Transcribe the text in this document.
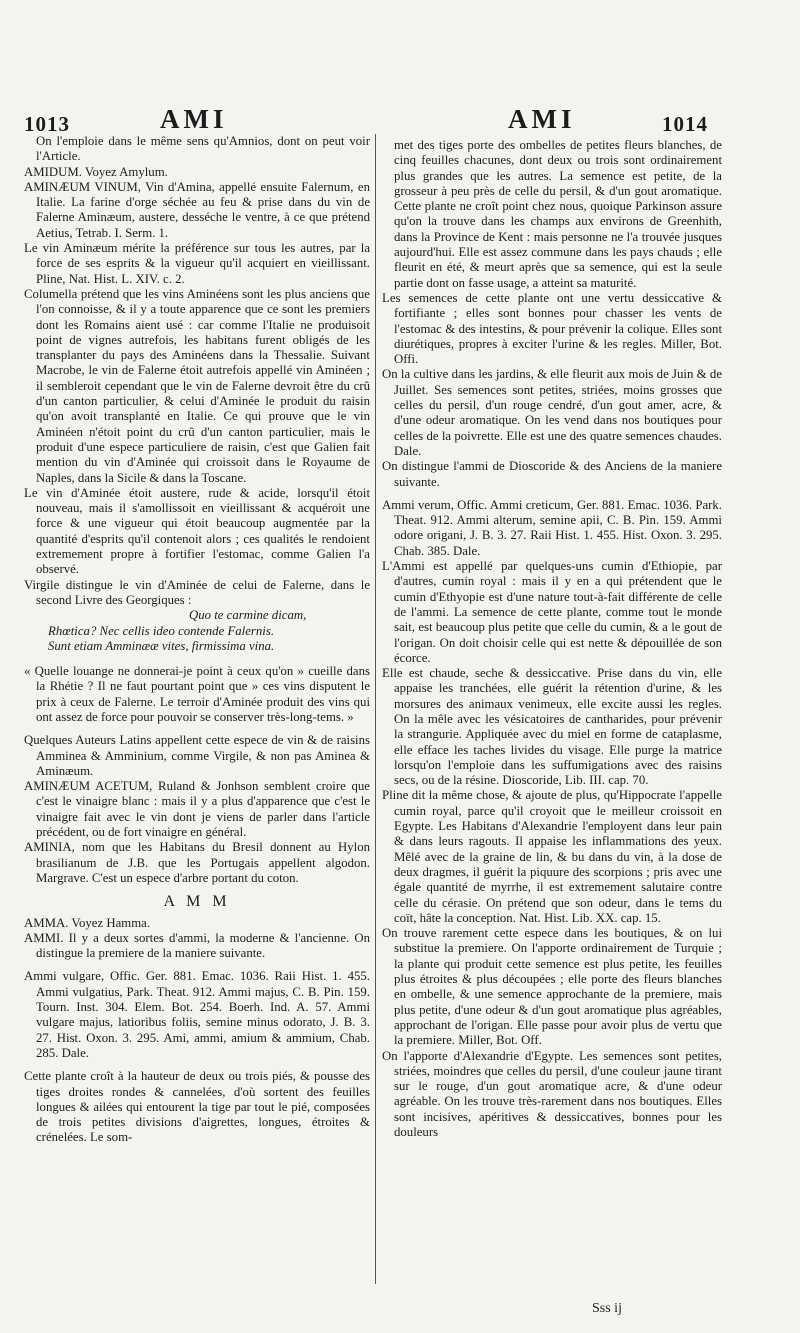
1013	AMI	AMI	1014

On l'emploie dans le même sens qu'Amnios, dont on peut voir l'Article.

AMIDUM. Voyez Amylum.

AMINÆUM VINUM, Vin d'Amina, appellé ensuite Falernum, en Italie. La farine d'orge séchée au feu & prise dans du vin de Falerne Aminæum, austere, desséche le ventre, à ce que prétend Aetius, Tetrab. I. Serm. 1.

Le vin Aminæum mérite la préférence sur tous les autres, par la force de ses esprits & la vigueur qu'il acquiert en vieillissant. Pline, Nat. Hist. L. XIV. c. 2.

Columella prétend que les vins Aminéens sont les plus anciens que l'on connoisse, & il y a toute apparence que ce sont les premiers dont les Romains aient usé : car comme l'Italie ne produisoit point de vignes autrefois, les habitans furent obligés de les transplanter du pays des Aminéens dans la Thessalie. Suivant Macrobe, le vin de Falerne étoit autrefois appellé vin Aminéen ; il sembleroit cependant que le vin de Falerne devroit être du crû d'un canton particulier, & celui d'Aminée le produit du raisin qu'on avoit transplanté en Italie. Ce qui prouve que le vin Aminéen n'étoit point du crû d'un canton particulier, mais le produit d'une espece particuliere de raisin, c'est que Galien fait mention du vin d'Aminée qui croissoit dans le Royaume de Naples, dans la Sicile & dans la Toscane.

Le vin d'Aminée étoit austere, rude & acide, lorsqu'il étoit nouveau, mais il s'amollissoit en vieillissant & acquéroit une force & une vigueur qui étoit beaucoup augmentée par la quantité d'esprits qu'il contenoit alors ; ces qualités le rendoient extremement propre à fortifier l'estomac, comme Galien l'a observé.

Virgile distingue le vin d'Aminée de celui de Falerne, dans le second Livre des Georgiques :

Quo te carmine dicam,

Rhœtica? Nec cellis ideo contende Falernis.

Sunt etiam Amminææ vites, firmissima vina.

« Quelle louange ne donnerai-je point à ceux qu'on » cueille dans la Rhétie ? Il ne faut pourtant point que » ces vins disputent le prix à ceux de Falerne. Le terroir d'Aminée produit des vins qui ont assez de force pour pouvoir se conserver très-long-tems. »

Quelques Auteurs Latins appellent cette espece de vin & de raisins Amminea & Amminium, comme Virgile, & non pas Aminea & Aminæum.

AMINÆUM ACETUM, Ruland & Jonhson semblent croire que c'est le vinaigre blanc : mais il y a plus d'apparence que c'est le vinaigre fait avec le vin dont je viens de parler dans l'article précédent, ou de fort vinaigre en général.

AMINIA, nom que les Habitans du Bresil donnent au Hylon brasilianum de J.B. que les Portugais appellent algodon. Margrave. C'est un espece d'arbre portant du coton.

A M M

AMMA. Voyez Hamma.

AMMI. Il y a deux sortes d'ammi, la moderne & l'ancienne. On distingue la premiere de la maniere suivante.

Ammi vulgare, Offic. Ger. 881. Emac. 1036. Raii Hist. 1. 455. Ammi vulgatius, Park. Theat. 912. Ammi majus, C. B. Pin. 159. Tourn. Inst. 304. Elem. Bot. 254. Boerh. Ind. A. 57. Ammi vulgare majus, latioribus foliis, semine minus odorato, J. B. 3. 27. Hist. Oxon. 3. 295. Ami, ammi, amium & ammium, Chab. 285. Dale.

Cette plante croît à la hauteur de deux ou trois piés, & pousse des tiges droites rondes & cannelées, d'où sortent des feuilles longues & ailées qui entourent la tige par tout le pié, composées de trois petites divisions d'aigrettes, longues, étroites & crénelées. Le som-

met des tiges porte des ombelles de petites fleurs blanches, de cinq feuilles chacunes, dont deux ou trois sont ordinairement plus grandes que les autres. La semence est petite, de la grosseur à peu près de celle du persil, & d'un gout aromatique. Cette plante ne croît point chez nous, quoique Parkinson assure qu'on la trouve dans les champs aux environs de Greenhith, dans la Province de Kent : mais personne ne l'a trouvée jusques aujourd'hui. Elle est assez commune dans les pays chauds ; elle fleurit en été, & meurt après que sa semence, qui est la seule partie dont on fasse usage, a atteint sa maturité.

Les semences de cette plante ont une vertu dessiccative & fortifiante ; elles sont bonnes pour chasser les vents de l'estomac & des intestins, & pour prévenir la colique. Elles sont diurétiques, propres à exciter l'urine & les regles. Miller, Bot. Offi.

On la cultive dans les jardins, & elle fleurit aux mois de Juin & de Juillet. Ses semences sont petites, striées, moins grosses que celles du persil, d'un rouge cendré, d'un gout amer, acre, & d'une odeur aromatique. On les vend dans nos boutiques pour celles de la poivrette. Elle est une des quatre semences chaudes. Dale.

On distingue l'ammi de Dioscoride & des Anciens de la maniere suivante.

Ammi verum, Offic. Ammi creticum, Ger. 881. Emac. 1036. Park. Theat. 912. Ammi alterum, semine apii, C. B. Pin. 159. Ammi odore origani, J. B. 3. 27. Raii Hist. 1. 455. Hist. Oxon. 3. 295. Chab. 385. Dale.

L'Ammi est appellé par quelques-uns cumin d'Ethiopie, par d'autres, cumin royal : mais il y en a qui prétendent que le cumin d'Ethyopie est d'une nature tout-à-fait différente de celle de l'ammi. La semence de cette plante, comme tout le monde sait, est beaucoup plus petite que celle du cumin, & a le gout de l'origan. On doit choisir celle qui est nette & dépouillée de son écorce.

Elle est chaude, seche & dessiccative. Prise dans du vin, elle appaise les tranchées, elle guérit la rétention d'urine, & les morsures des animaux venimeux, elle excite aussi les regles. On la mêle avec les vésicatoires de cantharides, pour prévenir la strangurie. Appliquée avec du miel en forme de cataplasme, elle efface les taches livides du visage. Elle purge la matrice lorsqu'on l'emploie dans les suffumigations avec des raisins secs, ou de la résine. Dioscoride, Lib. III. cap. 70.

Pline dit la même chose, & ajoute de plus, qu'Hippocrate l'appelle cumin royal, parce qu'il croyoit que le meilleur croissoit en Egypte. Les Habitans d'Alexandrie l'employent dans leur pain & dans leurs ragouts. Il appaise les inflammations des yeux. Mêlé avec de la graine de lin, & bu dans du vin, à la dose de deux dragmes, il guérit la piquure des scorpions ; pris avec une égale quantité de myrrhe, il est extremement salutaire contre celle du cérasie. On prétend que son odeur, dans le tems du coït, hâte la conception. Nat. Hist. Lib. XX. cap. 15.

On trouve rarement cette espece dans les boutiques, & on lui substitue la premiere. On l'apporte ordinairement de Turquie ; la plante qui produit cette semence est plus petite, les feuilles plus étroites & plus découpées ; elle porte des fleurs blanches en ombelle, & une semence approchante de la premiere, mais plus petite, d'une odeur & d'un gout aromatique plus agréables, approchant de l'origan. Elle passe pour avoir plus de vertu que la premiere. Miller, Bot. Off.

On l'apporte d'Alexandrie d'Egypte. Les semences sont petites, striées, moindres que celles du persil, d'une couleur jaune tirant sur le rouge, d'un gout aromatique acre, & d'une odeur agréable. On les trouve très-rarement dans nos boutiques. Elles sont incisives, apéritives & dessiccatives, bonnes pour les douleurs

Sss ij
